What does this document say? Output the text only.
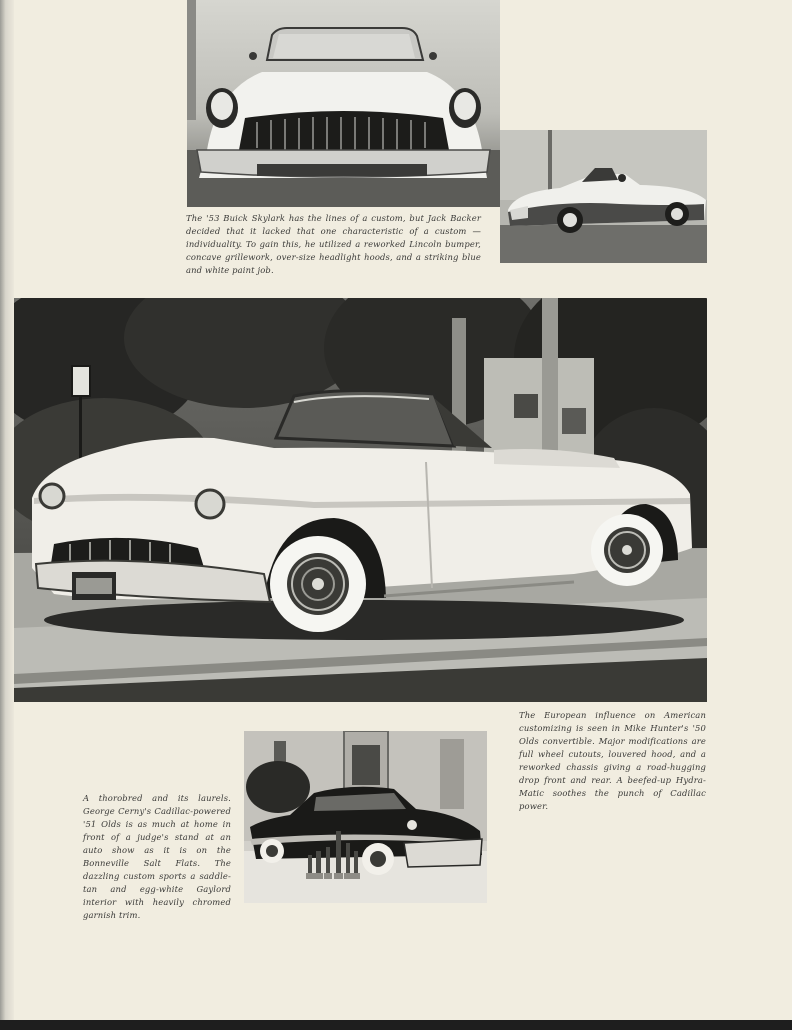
The '53 Buick Skylark has the lines of a custom, but Jack Backer decided that it lacked that one characteristic of a custom — individuality. To gain this, he utilized a reworked Lincoln bumper, concave grillework, over-size headlight hoods, and a striking blue and white paint job.

The European influence on American customizing is seen in Mike Hunter's '50 Olds convertible. Major modifications are full wheel cutouts, louvered hood, and a reworked chassis giving a road-hugging drop front and rear. A beefed-up Hydra-Matic soothes the punch of Cadillac power.

A thorobred and its laurels. George Cerny's Cadillac-powered '51 Olds is as much at home in front of a judge's stand at an auto show as it is on the Bonneville Salt Flats. The dazzling custom sports a saddle-tan and egg-white Gaylord interior with heavily chromed garnish trim.
